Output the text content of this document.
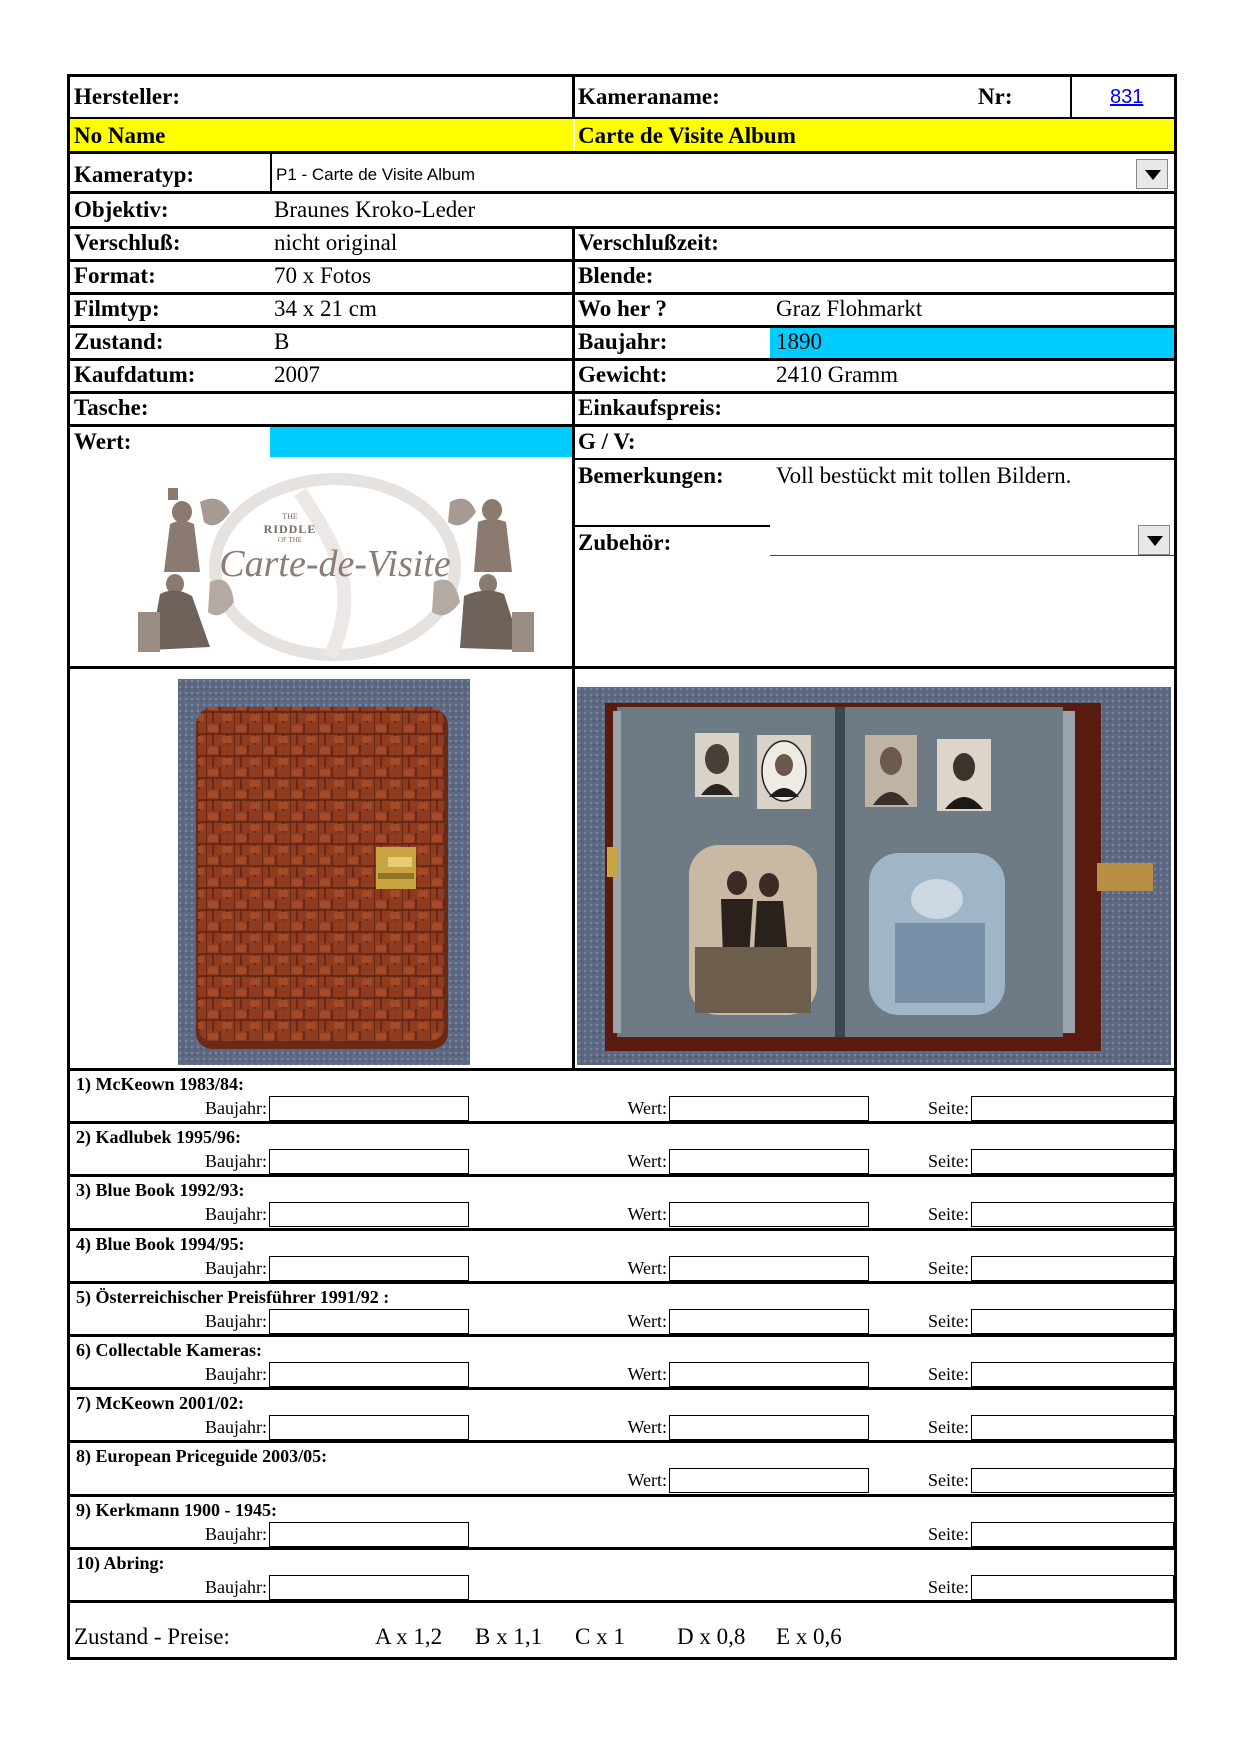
Hersteller:	Kameraname:	Nr:	831
No Name	Carte de Visite Album
Kameratyp:	P1 - Carte de Visite Album
Objektiv:	Braunes Kroko-Leder
Verschluß:	nicht original	Verschlußzeit:
Format:	70 x Fotos	Blende:
Filmtyp:	34 x 21 cm	Wo her ?	Graz Flohmarkt
Zustand:	B	Baujahr:	1890
Kaufdatum:	2007	Gewicht:	2410 Gramm
Tasche:	Einkaufspreis:
Wert:	G / V:
Bemerkungen: Voll bestückt mit tollen Bildern.
Zubehör:
THE
RIDDLE
OF THE
Carte-de-Visite
1) McKeown 1983/84:
Baujahr:	Wert:	Seite:
2) Kadlubek 1995/96:
Baujahr:	Wert:	Seite:
3) Blue Book 1992/93:
Baujahr:	Wert:	Seite:
4) Blue Book 1994/95:
Baujahr:	Wert:	Seite:
5) Österreichischer Preisführer 1991/92 :
Baujahr:	Wert:	Seite:
6) Collectable Kameras:
Baujahr:	Wert:	Seite:
7) McKeown 2001/02:
Baujahr:	Wert:	Seite:
8) European Priceguide 2003/05:
Wert:	Seite:
9) Kerkmann 1900 - 1945:
Baujahr:	Seite:
10) Abring:
Baujahr:	Seite:
Zustand - Preise:	A x 1,2 B x 1,1 C x 1 D x 0,8 E x 0,6
